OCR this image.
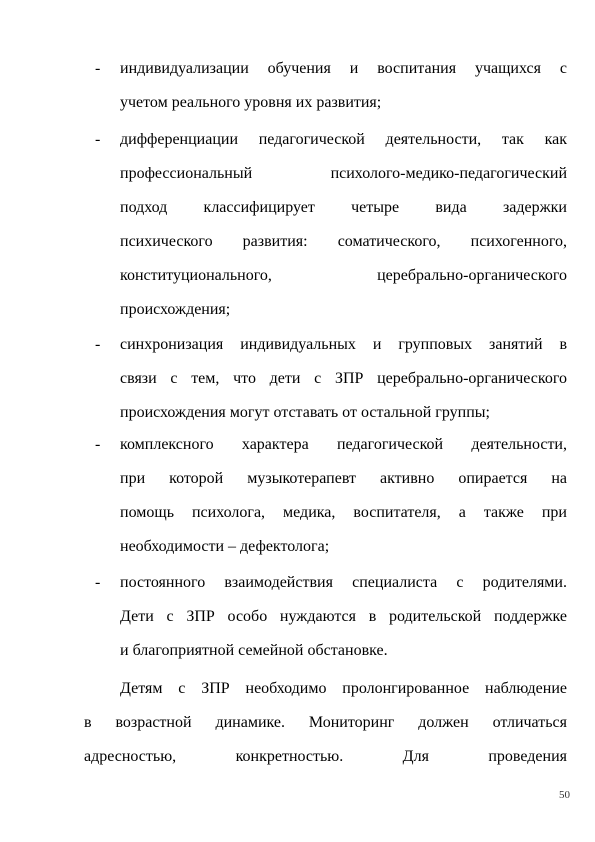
- индивидуализации обучения и воспитания учащихся с
учетом реального уровня их развития;
- дифференциации педагогической деятельности, так как
профессиональный психолого-медико-педагогический
подход классифицирует четыре вида задержки
психического развития: соматического, психогенного,
конституционального, церебрально-органического
происхождения;
- синхронизация индивидуальных и групповых занятий в
связи с тем, что дети с ЗПР церебрально-органического
происхождения могут отставать от остальной группы;
- комплексного характера педагогической деятельности,
при которой музыкотерапевт активно опирается на
помощь психолога, медика, воспитателя, а также при
необходимости – дефектолога;
- постоянного взаимодействия специалиста с родителями.
Дети с ЗПР особо нуждаются в родительской поддержке
и благоприятной семейной обстановке.
Детям с ЗПР необходимо пролонгированное наблюдение
в возрастной динамике. Мониторинг должен отличаться
адресностью, конкретностью. Для проведения
50
